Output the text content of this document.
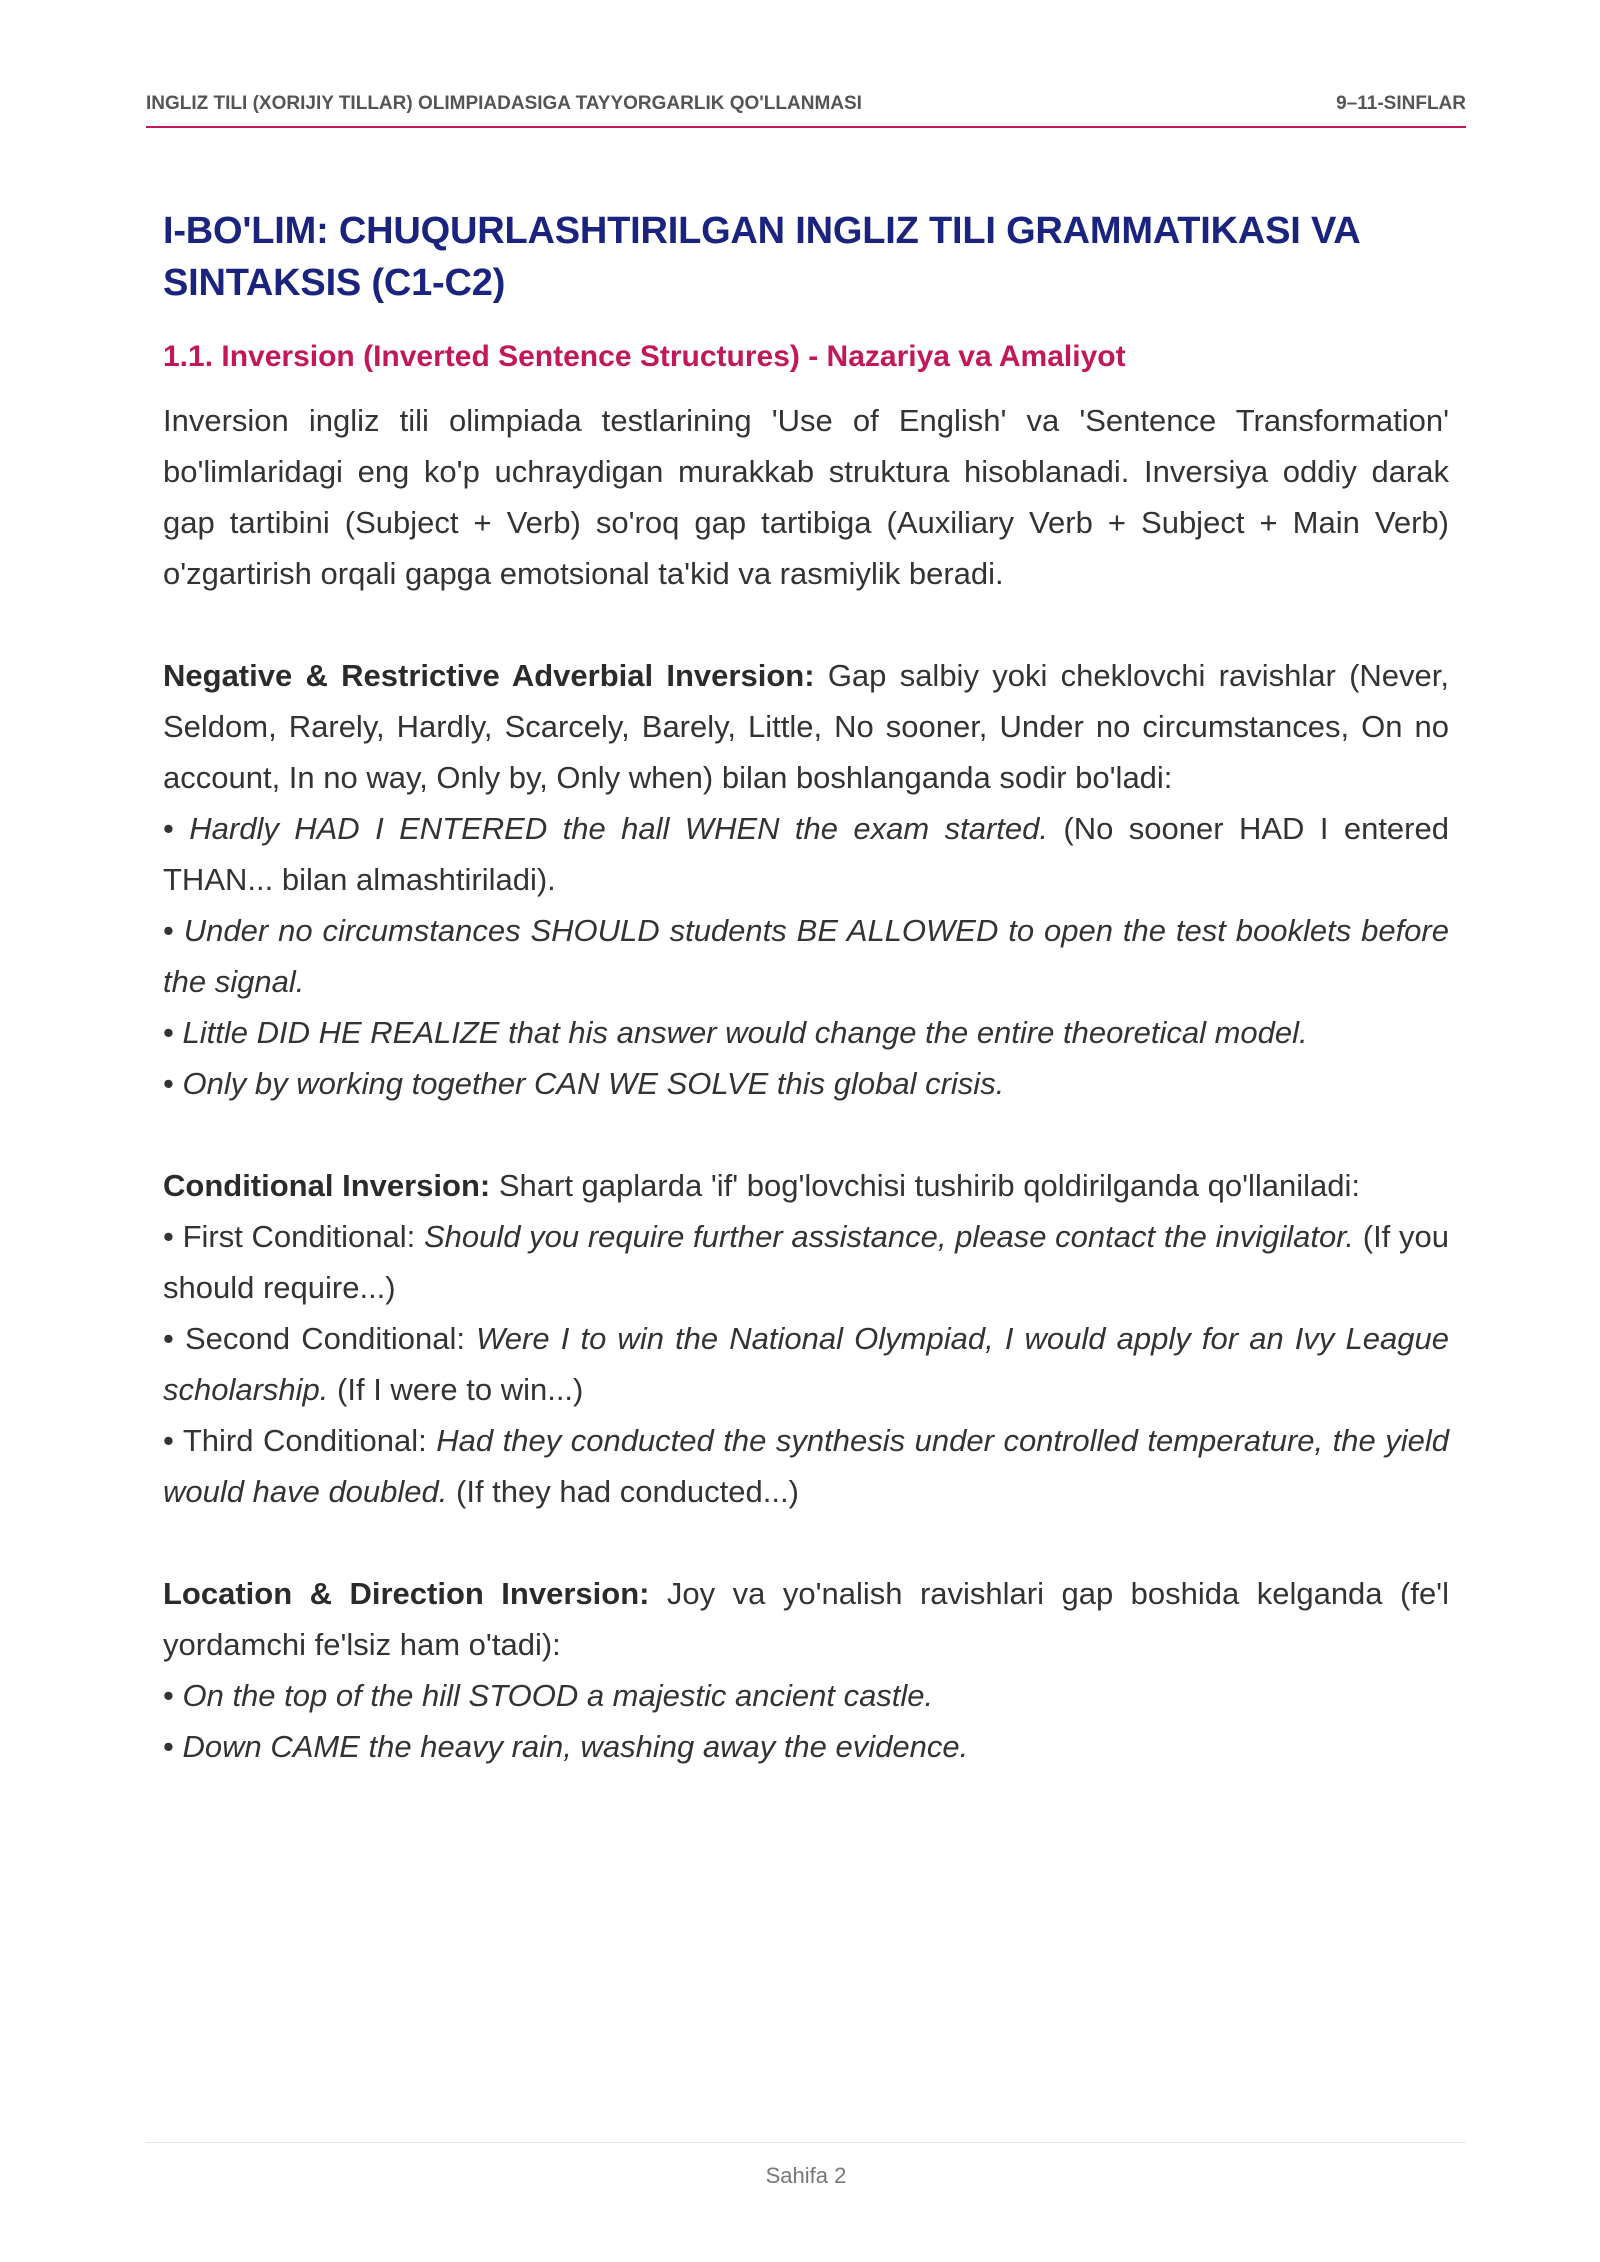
INGLIZ TILI (XORIJIY TILLAR) OLIMPIADASIGA TAYYORGARLIK QO'LLANMASI	9–11-SINFLAR
I-BO'LIM: CHUQURLASHTIRILGAN INGLIZ TILI GRAMMATIKASI VA SINTAKSIS (C1-C2)
1.1. Inversion (Inverted Sentence Structures) - Nazariya va Amaliyot

Inversion ingliz tili olimpiada testlarining 'Use of English' va 'Sentence Transformation' bo'limlaridagi eng ko'p uchraydigan murakkab struktura hisoblanadi. Inversiya oddiy darak gap tartibini (Subject + Verb) so'roq gap tartibiga (Auxiliary Verb + Subject + Main Verb) o'zgartirish orqali gapga emotsional ta'kid va rasmiylik beradi.

Negative & Restrictive Adverbial Inversion: Gap salbiy yoki cheklovchi ravishlar (Never, Seldom, Rarely, Hardly, Scarcely, Barely, Little, No sooner, Under no circumstances, On no account, In no way, Only by, Only when) bilan boshlanganda sodir bo'ladi:

• Hardly HAD I ENTERED the hall WHEN the exam started. (No sooner HAD I entered THAN... bilan almashtiriladi).

• Under no circumstances SHOULD students BE ALLOWED to open the test booklets before the signal.

• Little DID HE REALIZE that his answer would change the entire theoretical model.

• Only by working together CAN WE SOLVE this global crisis.

Conditional Inversion: Shart gaplarda 'if' bog'lovchisi tushirib qoldirilganda qo'llaniladi:

• First Conditional: Should you require further assistance, please contact the invigilator. (If you should require...)

• Second Conditional: Were I to win the National Olympiad, I would apply for an Ivy League scholarship. (If I were to win...)

• Third Conditional: Had they conducted the synthesis under controlled temperature, the yield would have doubled. (If they had conducted...)

Location & Direction Inversion: Joy va yo'nalish ravishlari gap boshida kelganda (fe'l yordamchi fe'lsiz ham o'tadi):

• On the top of the hill STOOD a majestic ancient castle.

• Down CAME the heavy rain, washing away the evidence.

Sahifa 2
